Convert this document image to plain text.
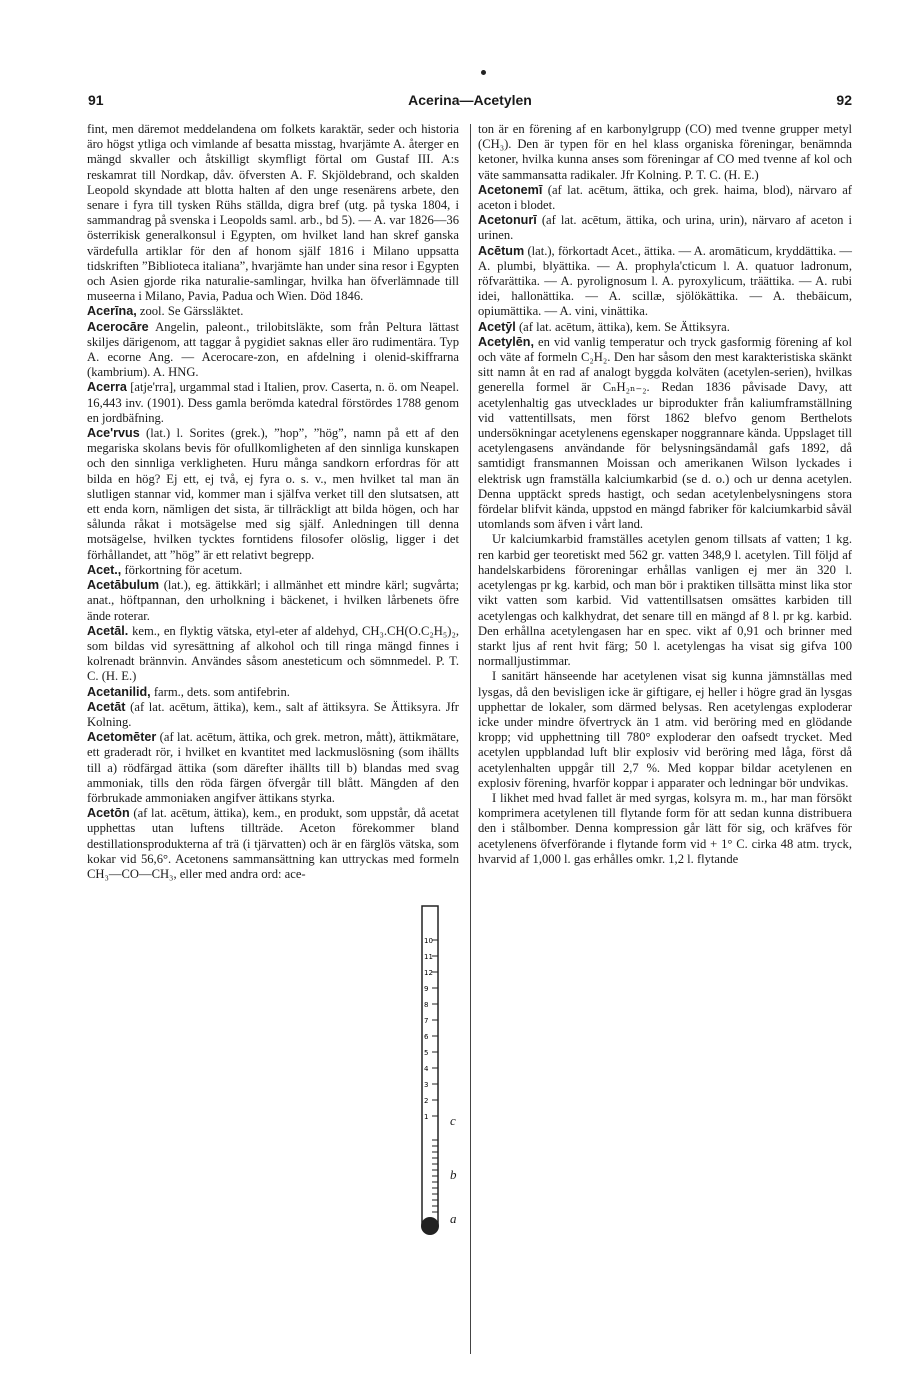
91	Acerina—Acetylen	92

fint, men däremot meddelandena om folkets karaktär, seder och historia äro högst ytliga och vimlande af besatta misstag, hvarjämte A. återger en mängd skvaller och åtskilligt skymfligt förtal om Gustaf III. A:s reskamrat till Nordkap, dåv. öfversten A. F. Skjöldebrand, och skalden Leopold skyndade att blotta halten af den unge resenärens arbete, den senare i fyra till tysken Rühs ställda, digra bref (utg. på tyska 1804, i sammandrag på svenska i Leopolds saml. arb., bd 5). — A. var 1826—36 österrikisk generalkonsul i Egypten, om hvilket land han skref ganska värdefulla artiklar för den af honom själf 1816 i Milano uppsatta tidskriften ”Biblioteca italiana”, hvarjämte han under sina resor i Egypten och Asien gjorde rika naturalie-samlingar, hvilka han öfverlämnade till museerna i Milano, Pavia, Padua och Wien. Död 1846.

Acerīna, zool. Se Gärssläktet.

Acerocāre Angelin, paleont., trilobitsläkte, som från Peltura lättast skiljes därigenom, att taggar å pygidiet saknas eller äro rudimentära. Typ A. ecorne Ang. — Acerocare-zon, en afdelning i olenid-skiffrarna (kambrium). A. HNG.

Acerra [atje'rra], urgammal stad i Italien, prov. Caserta, n. ö. om Neapel. 16,443 inv. (1901). Dess gamla berömda katedral förstördes 1788 genom en jordbäfning.

Ace'rvus (lat.) l. Sorites (grek.), ”hop”, ”hög”, namn på ett af den megariska skolans bevis för ofullkomligheten af den sinnliga kunskapen och den sinnliga verkligheten. Huru många sandkorn erfordras för att bilda en hög? Ej ett, ej två, ej fyra o. s. v., men hvilket tal man än slutligen stannar vid, kommer man i själfva verket till den slutsatsen, att ett enda korn, nämligen det sista, är tillräckligt att bilda högen, och har sålunda råkat i motsägelse med sig själf. Anledningen till denna motsägelse, hvilken tycktes forntidens filosofer olöslig, ligger i det förhållandet, att ”hög” är ett relativt begrepp.

Acet., förkortning för acetum.

Acetābulum (lat.), eg. ättikkärl; i allmänhet ett mindre kärl; sugvårta; anat., höftpannan, den urholkning i bäckenet, i hvilken lårbenets öfre ände roterar.

Acetāl. kem., en flyktig vätska, etyl-eter af aldehyd, CH₃.CH(O.C₂H₅)₂, som bildas vid syresättning af alkohol och till ringa mängd finnes i kolrenadt brännvin. Användes såsom anesteticum och sömnmedel. P. T. C. (H. E.)

Acetanilid, farm., dets. som antifebrin.

Acetāt (af lat. acētum, ättika), kem., salt af ättiksyra. Se Ättiksyra. Jfr Kolning.

Acetomēter (af lat. acētum, ättika, och grek. metron, mått), ättikmätare, ett graderadt rör, i hvilket en kvantitet med lackmuslösning (som ihällts till a) rödfärgad ättika (som därefter ihällts till b) blandas med svag ammoniak, tills den röda färgen öfvergår till blått. Mängden af den förbrukade ammoniaken angifver ättikans styrka.

Acetōn (af lat. acētum, ättika), kem., en produkt, som uppstår, då acetat upphettas utan luftens tillträde. Aceton förekommer bland destillationsprodukterna af trä (i tjärvatten) och är en färglös vätska, som kokar vid 56,6°. Acetonens sammansättning kan uttryckas med formeln CH₃—CO—CH₃, eller med andra ord: ace-

ton är en förening af en karbonylgrupp (CO) med tvenne grupper metyl (CH₃). Den är typen för en hel klass organiska föreningar, benämnda ketoner, hvilka kunna anses som föreningar af CO med tvenne af kol och väte sammansatta radikaler. Jfr Kolning. P. T. C. (H. E.)

Acetonemī (af lat. acētum, ättika, och grek. haima, blod), närvaro af aceton i blodet.

Acetonurī (af lat. acētum, ättika, och urina, urin), närvaro af aceton i urinen.

Acētum (lat.), förkortadt Acet., ättika. — A. aromāticum, kryddättika. — A. plumbi, blyättika. — A. prophyla'cticum l. A. quatuor ladronum, röfvarättika. — A. pyrolignosum l. A. pyroxylicum, träättika. — A. rubi idei, hallonättika. — A. scillæ, sjölökättika. — A. thebāicum, opiumättika. — A. vini, vinättika.

Acetȳl (af lat. acētum, ättika), kem. Se Ättiksyra.

Acetylēn, en vid vanlig temperatur och tryck gasformig förening af kol och väte af formeln C₂H₂. Den har såsom den mest karakteristiska skänkt sitt namn åt en rad af analogt byggda kolväten (acetylen-serien), hvilkas generella formel är CₙH₂ₙ₋₂. Redan 1836 påvisade Davy, att acetylenhaltig gas utvecklades ur biprodukter från kaliumframställning vid vattentillsats, men först 1862 blefvo genom Berthelots undersökningar acetylenens egenskaper noggrannare kända. Uppslaget till acetylengasens användande för belysningsändamål gafs 1892, då samtidigt fransmannen Moissan och amerikanen Wilson lyckades i elektrisk ugn framställa kalciumkarbid (se d. o.) och ur denna acetylen. Denna upptäckt spreds hastigt, och sedan acetylenbelysningens stora fördelar blifvit kända, uppstod en mängd fabriker för kalciumkarbid såväl utomlands som äfven i vårt land.

Ur kalciumkarbid framställes acetylen genom tillsats af vatten; 1 kg. ren karbid ger teoretiskt med 562 gr. vatten 348,9 l. acetylen. Till följd af handelskarbidens föroreningar erhållas vanligen ej mer än 320 l. acetylengas pr kg. karbid, och man bör i praktiken tillsätta minst lika stor vikt vatten som karbid. Vid vattentillsatsen omsättes karbiden till acetylengas och kalkhydrat, det senare till en mängd af 8 l. pr kg. karbid. Den erhållna acetylengasen har en spec. vikt af 0,91 och brinner med starkt ljus af rent hvit färg; 50 l. acetylengas ha visat sig gifva 100 normalljustimmar.

I sanitärt hänseende har acetylenen visat sig kunna jämnställas med lysgas, då den bevisligen icke är giftigare, ej heller i högre grad än lysgas upphettar de lokaler, som därmed belysas. Ren acetylengas exploderar icke under mindre öfvertryck än 1 atm. vid beröring med en glödande kropp; vid upphettning till 780° exploderar den oafsedt trycket. Med acetylen uppblandad luft blir explosiv vid beröring med låga, först då acetylenhalten uppgår till 2,7 %. Med koppar bildar acetylenen en explosiv förening, hvarför koppar i apparater och ledningar bör undvikas.

I likhet med hvad fallet är med syrgas, kolsyra m. m., har man försökt komprimera acetylenen till flytande form för att sedan kunna distribuera den i stålbomber. Denna kompression går lätt för sig, och kräfves för acetylenens öfverförande i flytande form vid + 1° C. cirka 48 atm. tryck, hvarvid af 1,000 l. gas erhålles omkr. 1,2 l. flytande

10
11
12
9
8
7
6
5
4
3
2
1 c
b
a
